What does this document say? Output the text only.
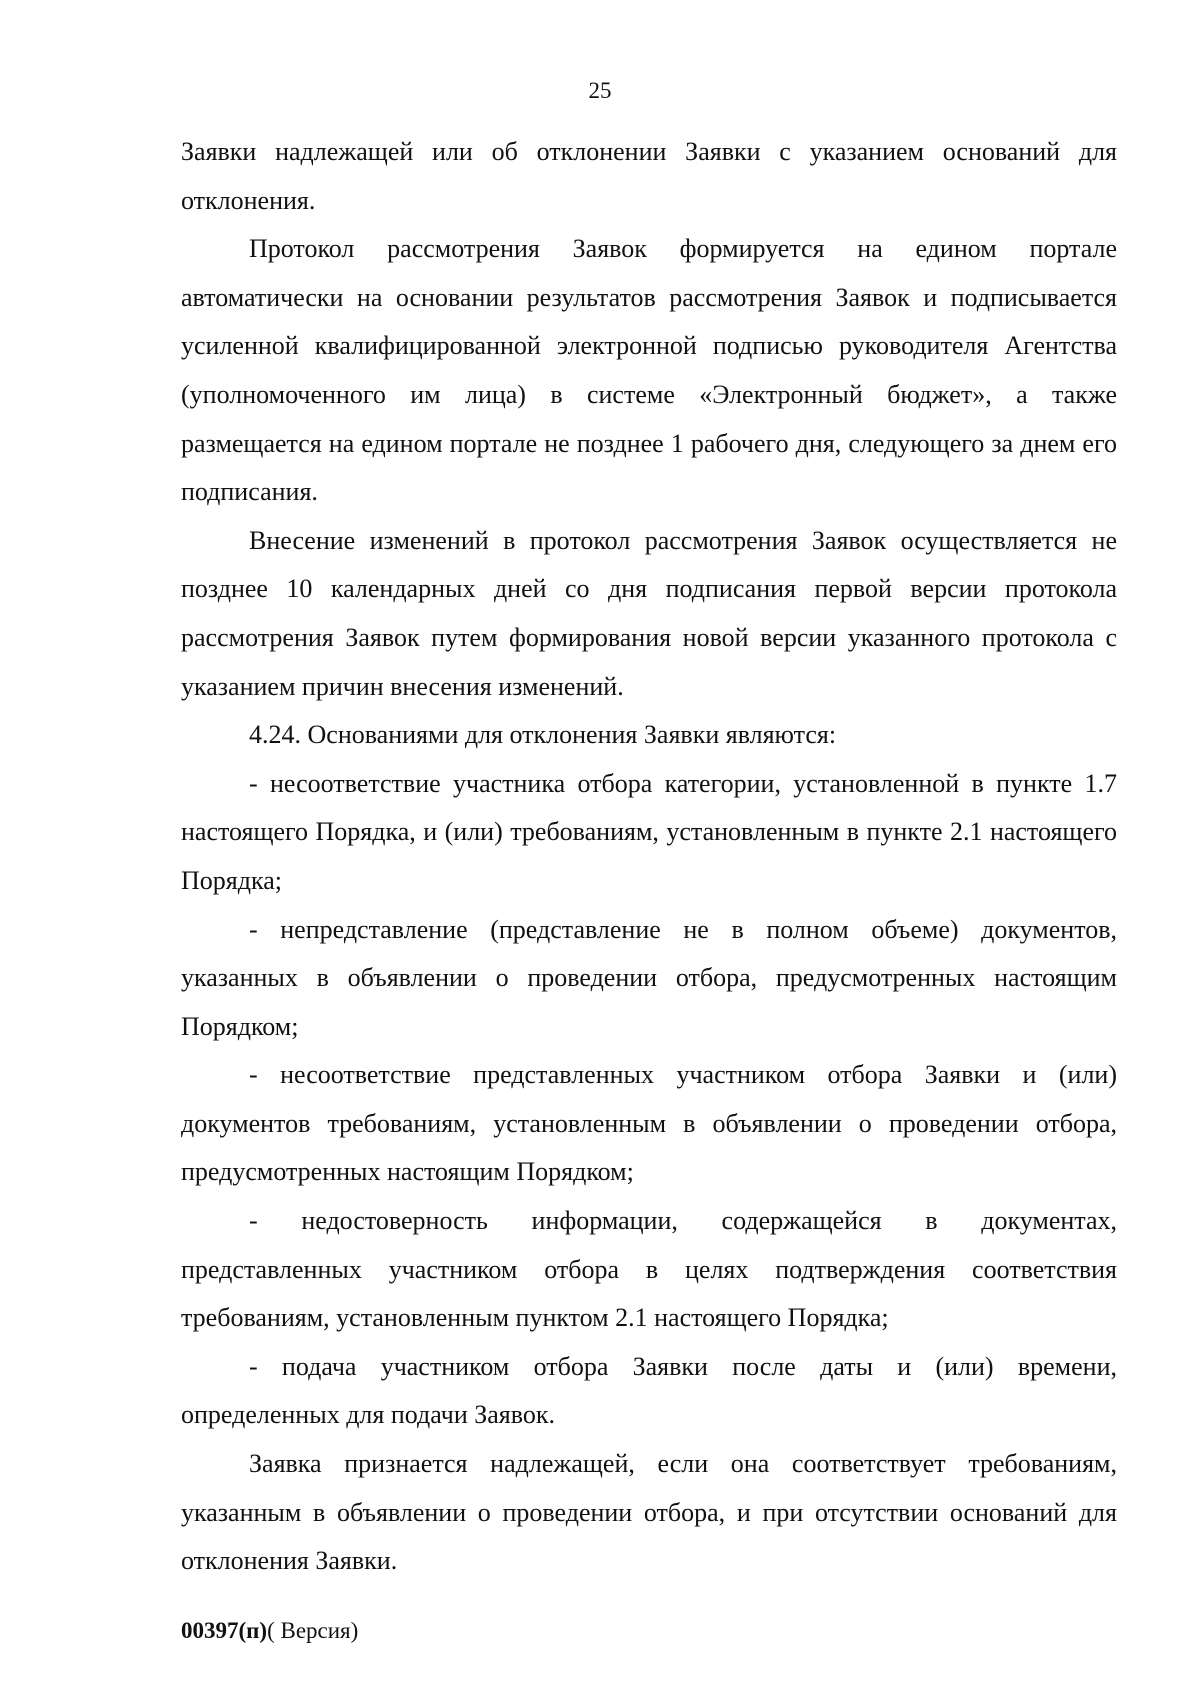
25

Заявки надлежащей или об отклонении Заявки с указанием оснований для отклонения.

Протокол рассмотрения Заявок формируется на едином портале автоматически на основании результатов рассмотрения Заявок и подписывается усиленной квалифицированной электронной подписью руководителя Агентства (уполномоченного им лица) в системе «Электронный бюджет», а также размещается на едином портале не позднее 1 рабочего дня, следующего за днем его подписания.

Внесение изменений в протокол рассмотрения Заявок осуществляется не позднее 10 календарных дней со дня подписания первой версии протокола рассмотрения Заявок путем формирования новой версии указанного протокола с указанием причин внесения изменений.

4.24. Основаниями для отклонения Заявки являются:

- несоответствие участника отбора категории, установленной в пункте 1.7 настоящего Порядка, и (или) требованиям, установленным в пункте 2.1 настоящего Порядка;

- непредставление (представление не в полном объеме) документов, указанных в объявлении о проведении отбора, предусмотренных настоящим Порядком;

- несоответствие представленных участником отбора Заявки и (или) документов требованиям, установленным в объявлении о проведении отбора, предусмотренных настоящим Порядком;

- недостоверность информации, содержащейся в документах, представленных участником отбора в целях подтверждения соответствия требованиям, установленным пунктом 2.1 настоящего Порядка;

- подача участником отбора Заявки после даты и (или) времени, определенных для подачи Заявок.

Заявка признается надлежащей, если она соответствует требованиям, указанным в объявлении о проведении отбора, и при отсутствии оснований для отклонения Заявки.

00397(п)( Версия)
